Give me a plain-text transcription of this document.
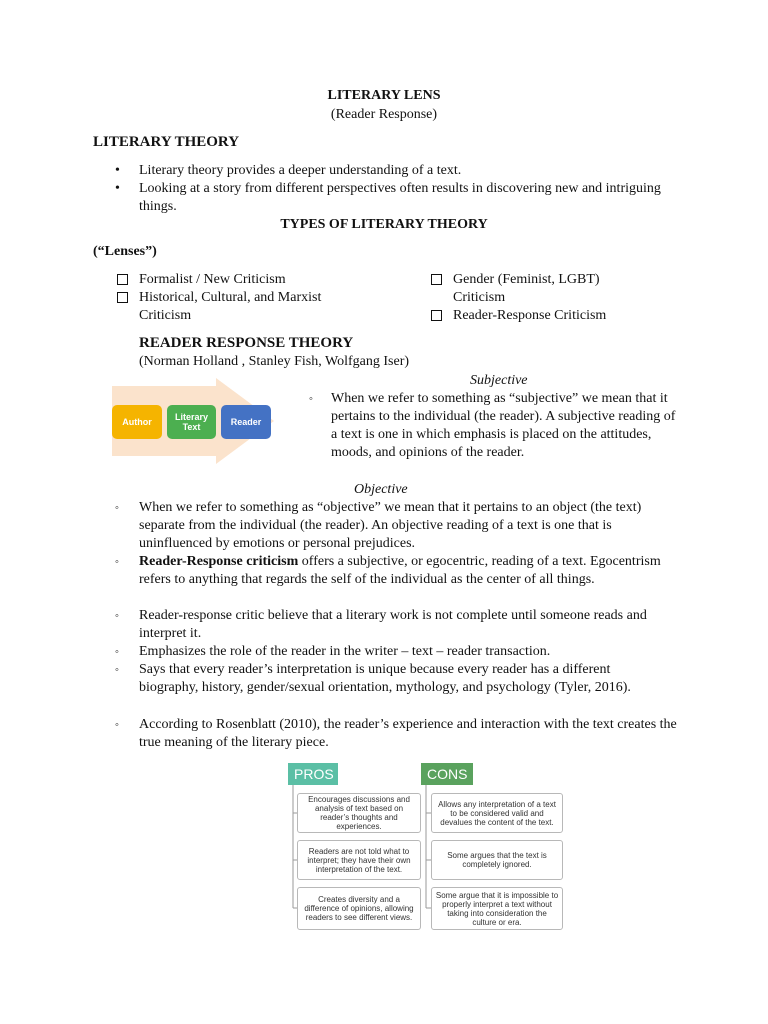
LITERARY LENS
(Reader Response)
LITERARY THEORY
• Literary theory provides a deeper understanding of a text.
• Looking at a story from different perspectives often results in discovering new and intriguing things.
TYPES OF LITERARY THEORY
(“Lenses”)
Formalist / New Criticism
Historical, Cultural, and Marxist Criticism
Gender (Feminist, LGBT) Criticism
Reader-Response Criticism
READER RESPONSE THEORY
(Norman Holland , Stanley Fish, Wolfgang Iser)
Author	Literary Text	Reader
Subjective
◦ When we refer to something as “subjective” we mean that it pertains to the individual (the reader). A subjective reading of a text is one in which emphasis is placed on the attitudes, moods, and opinions of the reader.
Objective
◦ When we refer to something as “objective” we mean that it pertains to an object (the text) separate from the individual (the reader). An objective reading of a text is one that is uninfluenced by emotions or personal prejudices.
◦ Reader-Response criticism offers a subjective, or egocentric, reading of a text. Egocentrism refers to anything that regards the self of the individual as the center of all things.
◦ Reader-response critic believe that a literary work is not complete until someone reads and interpret it.
◦ Emphasizes the role of the reader in the writer – text – reader transaction.
◦ Says that every reader’s interpretation is unique because every reader has a different biography, history, gender/sexual orientation, mythology, and psychology (Tyler, 2016).
◦ According to Rosenblatt (2010), the reader’s experience and interaction with the text creates the true meaning of the literary piece.
PROS	CONS
Encourages discussions and analysis of text based on reader’s thoughts and experiences.
Readers are not told what to interpret; they have their own interpretation of the text.
Creates diversity and a difference of opinions, allowing readers to see different views.
Allows any interpretation of a text to be considered valid and devalues the content of the text.
Some argues that the text is completely ignored.
Some argue that it is impossible to properly interpret a text without taking into consideration the culture or era.
